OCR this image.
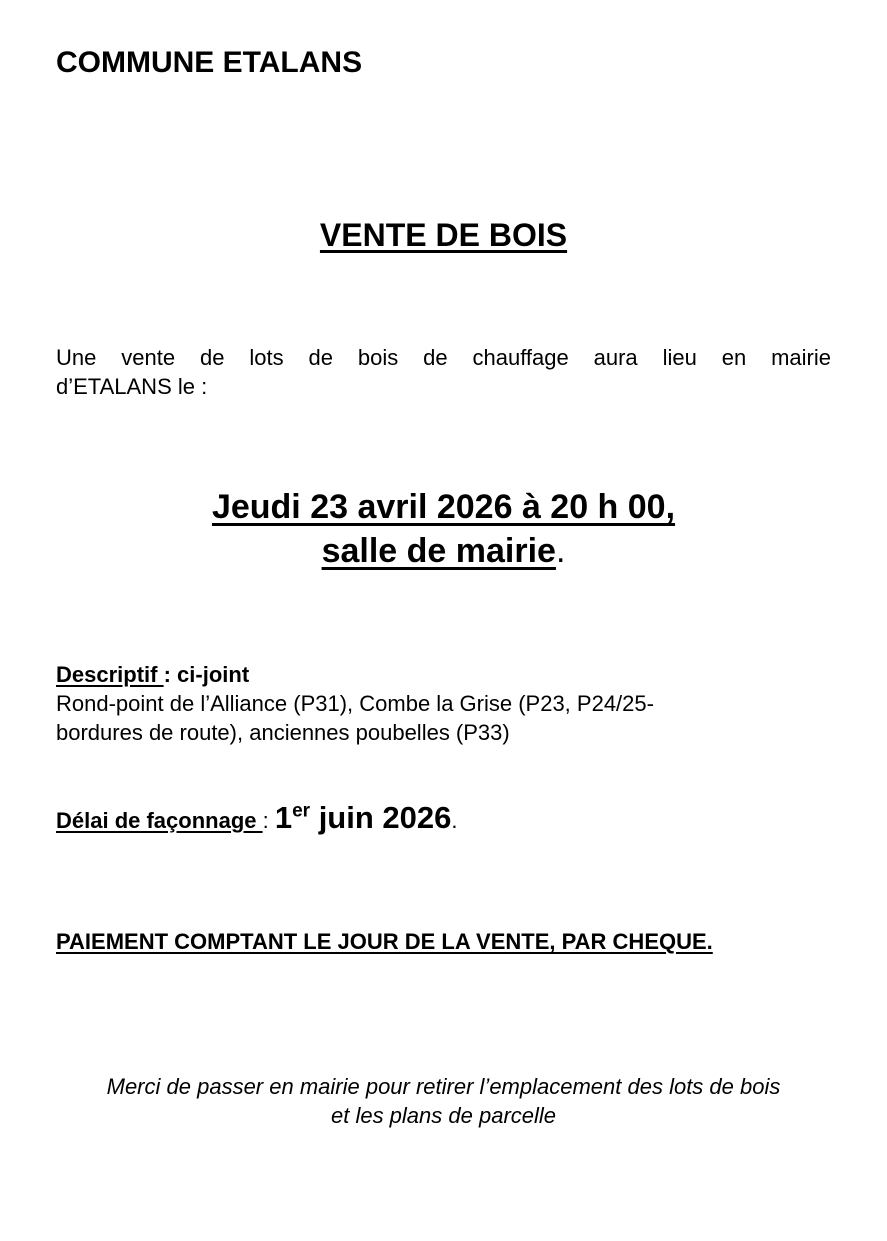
COMMUNE ETALANS
VENTE DE BOIS
Une vente de lots de bois de chauffage aura lieu en mairie
d’ETALANS le :
Jeudi 23 avril 2026 à 20 h 00,
salle de mairie.
Descriptif : ci-joint
Rond-point de l’Alliance (P31), Combe la Grise (P23, P24/25-
bordures de route), anciennes poubelles (P33)
Délai de façonnage : 1er juin 2026.
PAIEMENT COMPTANT LE JOUR DE LA VENTE, PAR CHEQUE.
Merci de passer en mairie pour retirer l’emplacement des lots de bois
et les plans de parcelle
